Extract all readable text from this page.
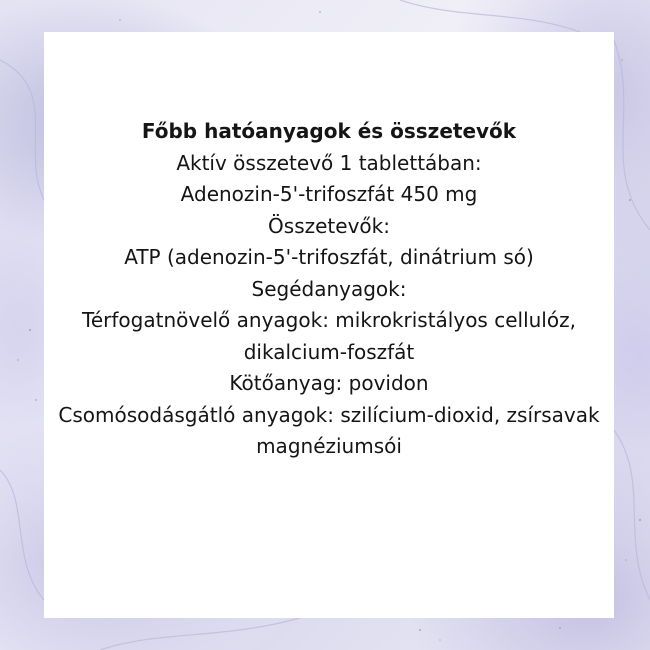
Főbb hatóanyagok és összetevők
Aktív összetevő 1 tablettában:
Adenozin-5'-trifoszfát 450 mg
Összetevők:
ATP (adenozin-5'-trifoszfát, dinátrium só)
Segédanyagok:
Térfogatnövelő anyagok: mikrokristályos cellulóz,
dikalcium-foszfát
Kötőanyag: povidon
Csomósodásgátló anyagok: szilícium-dioxid, zsírsavak
magnéziumsói
